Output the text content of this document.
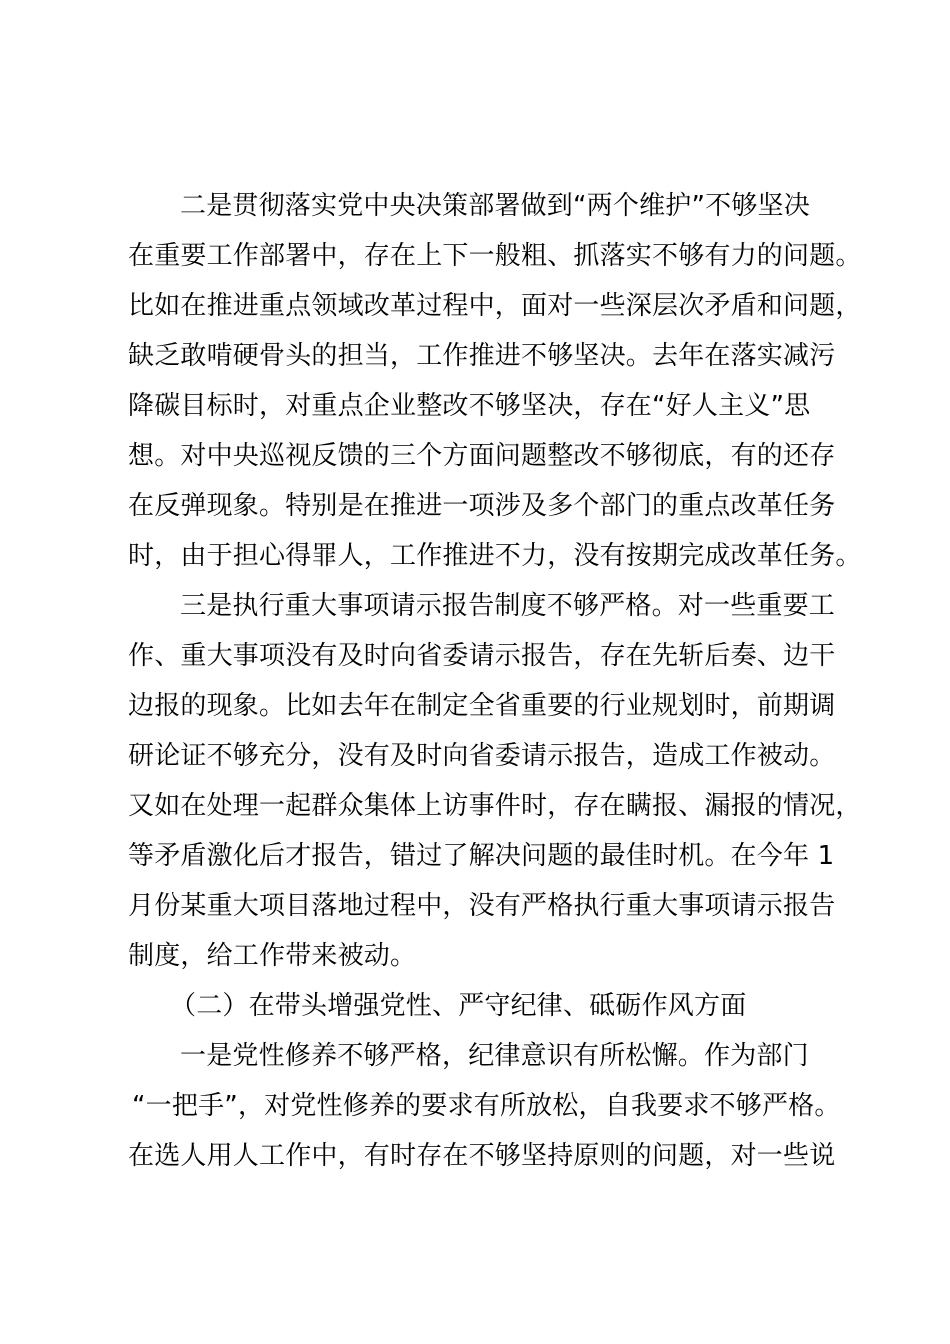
二是贯彻落实党中央决策部署做到“两个维护”不够坚决
在重要工作部署中，存在上下一般粗、抓落实不够有力的问题。
比如在推进重点领域改革过程中，面对一些深层次矛盾和问题，
缺乏敢啃硬骨头的担当，工作推进不够坚决。去年在落实减污
降碳目标时，对重点企业整改不够坚决，存在“好人主义”思
想。对中央巡视反馈的三个方面问题整改不够彻底，有的还存
在反弹现象。特别是在推进一项涉及多个部门的重点改革任务
时，由于担心得罪人，工作推进不力，没有按期完成改革任务。
三是执行重大事项请示报告制度不够严格。对一些重要工
作、重大事项没有及时向省委请示报告，存在先斩后奏、边干
边报的现象。比如去年在制定全省重要的行业规划时，前期调
研论证不够充分，没有及时向省委请示报告，造成工作被动。
又如在处理一起群众集体上访事件时，存在瞒报、漏报的情况，
等矛盾激化后才报告，错过了解决问题的最佳时机。在今年 1
月份某重大项目落地过程中，没有严格执行重大事项请示报告
制度，给工作带来被动。
（二）在带头增强党性、严守纪律、砥砺作风方面
一是党性修养不够严格，纪律意识有所松懈。作为部门
“一把手”，对党性修养的要求有所放松，自我要求不够严格。
在选人用人工作中，有时存在不够坚持原则的问题，对一些说
